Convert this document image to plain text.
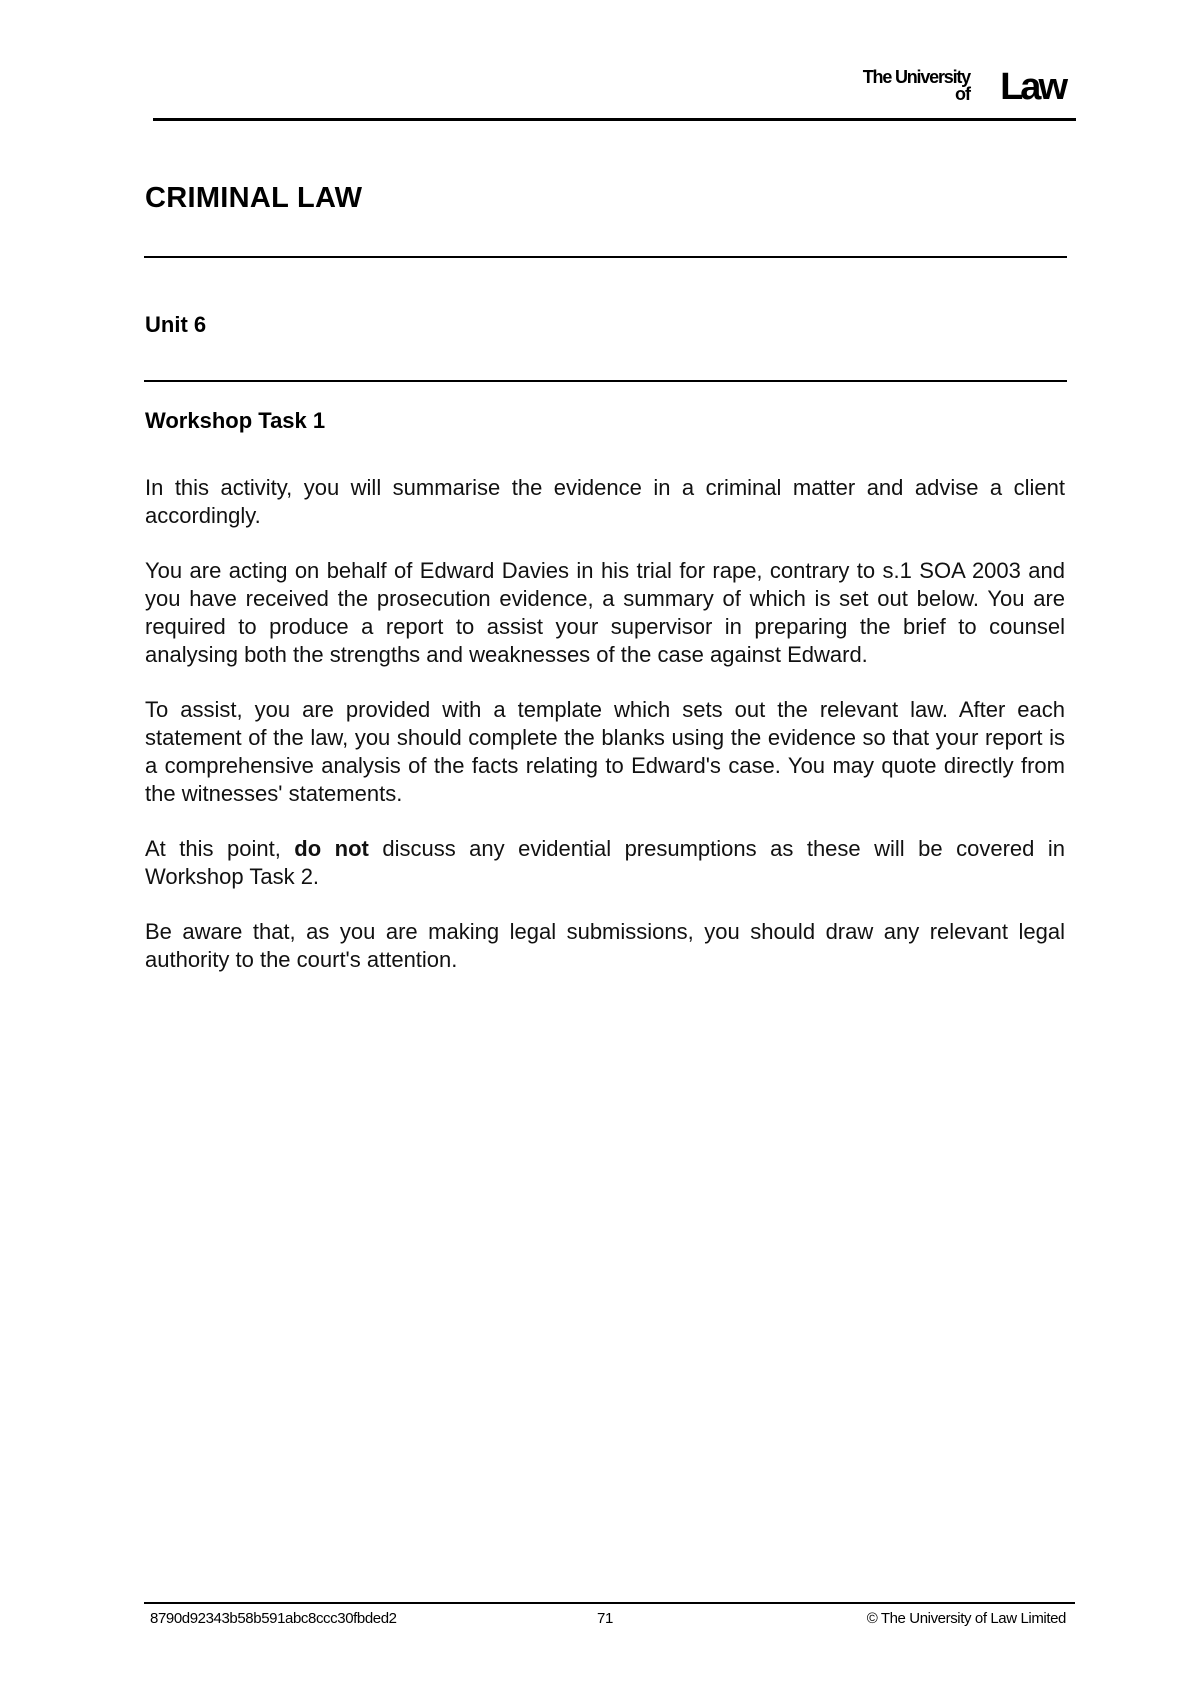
The University
of Law
CRIMINAL LAW
Unit 6
Workshop Task 1

In this activity, you will summarise the evidence in a criminal matter and advise a client accordingly.

You are acting on behalf of Edward Davies in his trial for rape, contrary to s.1 SOA 2003 and you have received the prosecution evidence, a summary of which is set out below. You are required to produce a report to assist your supervisor in preparing the brief to counsel analysing both the strengths and weaknesses of the case against Edward.

To assist, you are provided with a template which sets out the relevant law. After each statement of the law, you should complete the blanks using the evidence so that your report is a comprehensive analysis of the facts relating to Edward's case. You may quote directly from the witnesses' statements.

At this point, do not discuss any evidential presumptions as these will be covered in Workshop Task 2.

Be aware that, as you are making legal submissions, you should draw any relevant legal authority to the court's attention.

8790d92343b58b591abc8ccc30fbded2	71	© The University of Law Limited
